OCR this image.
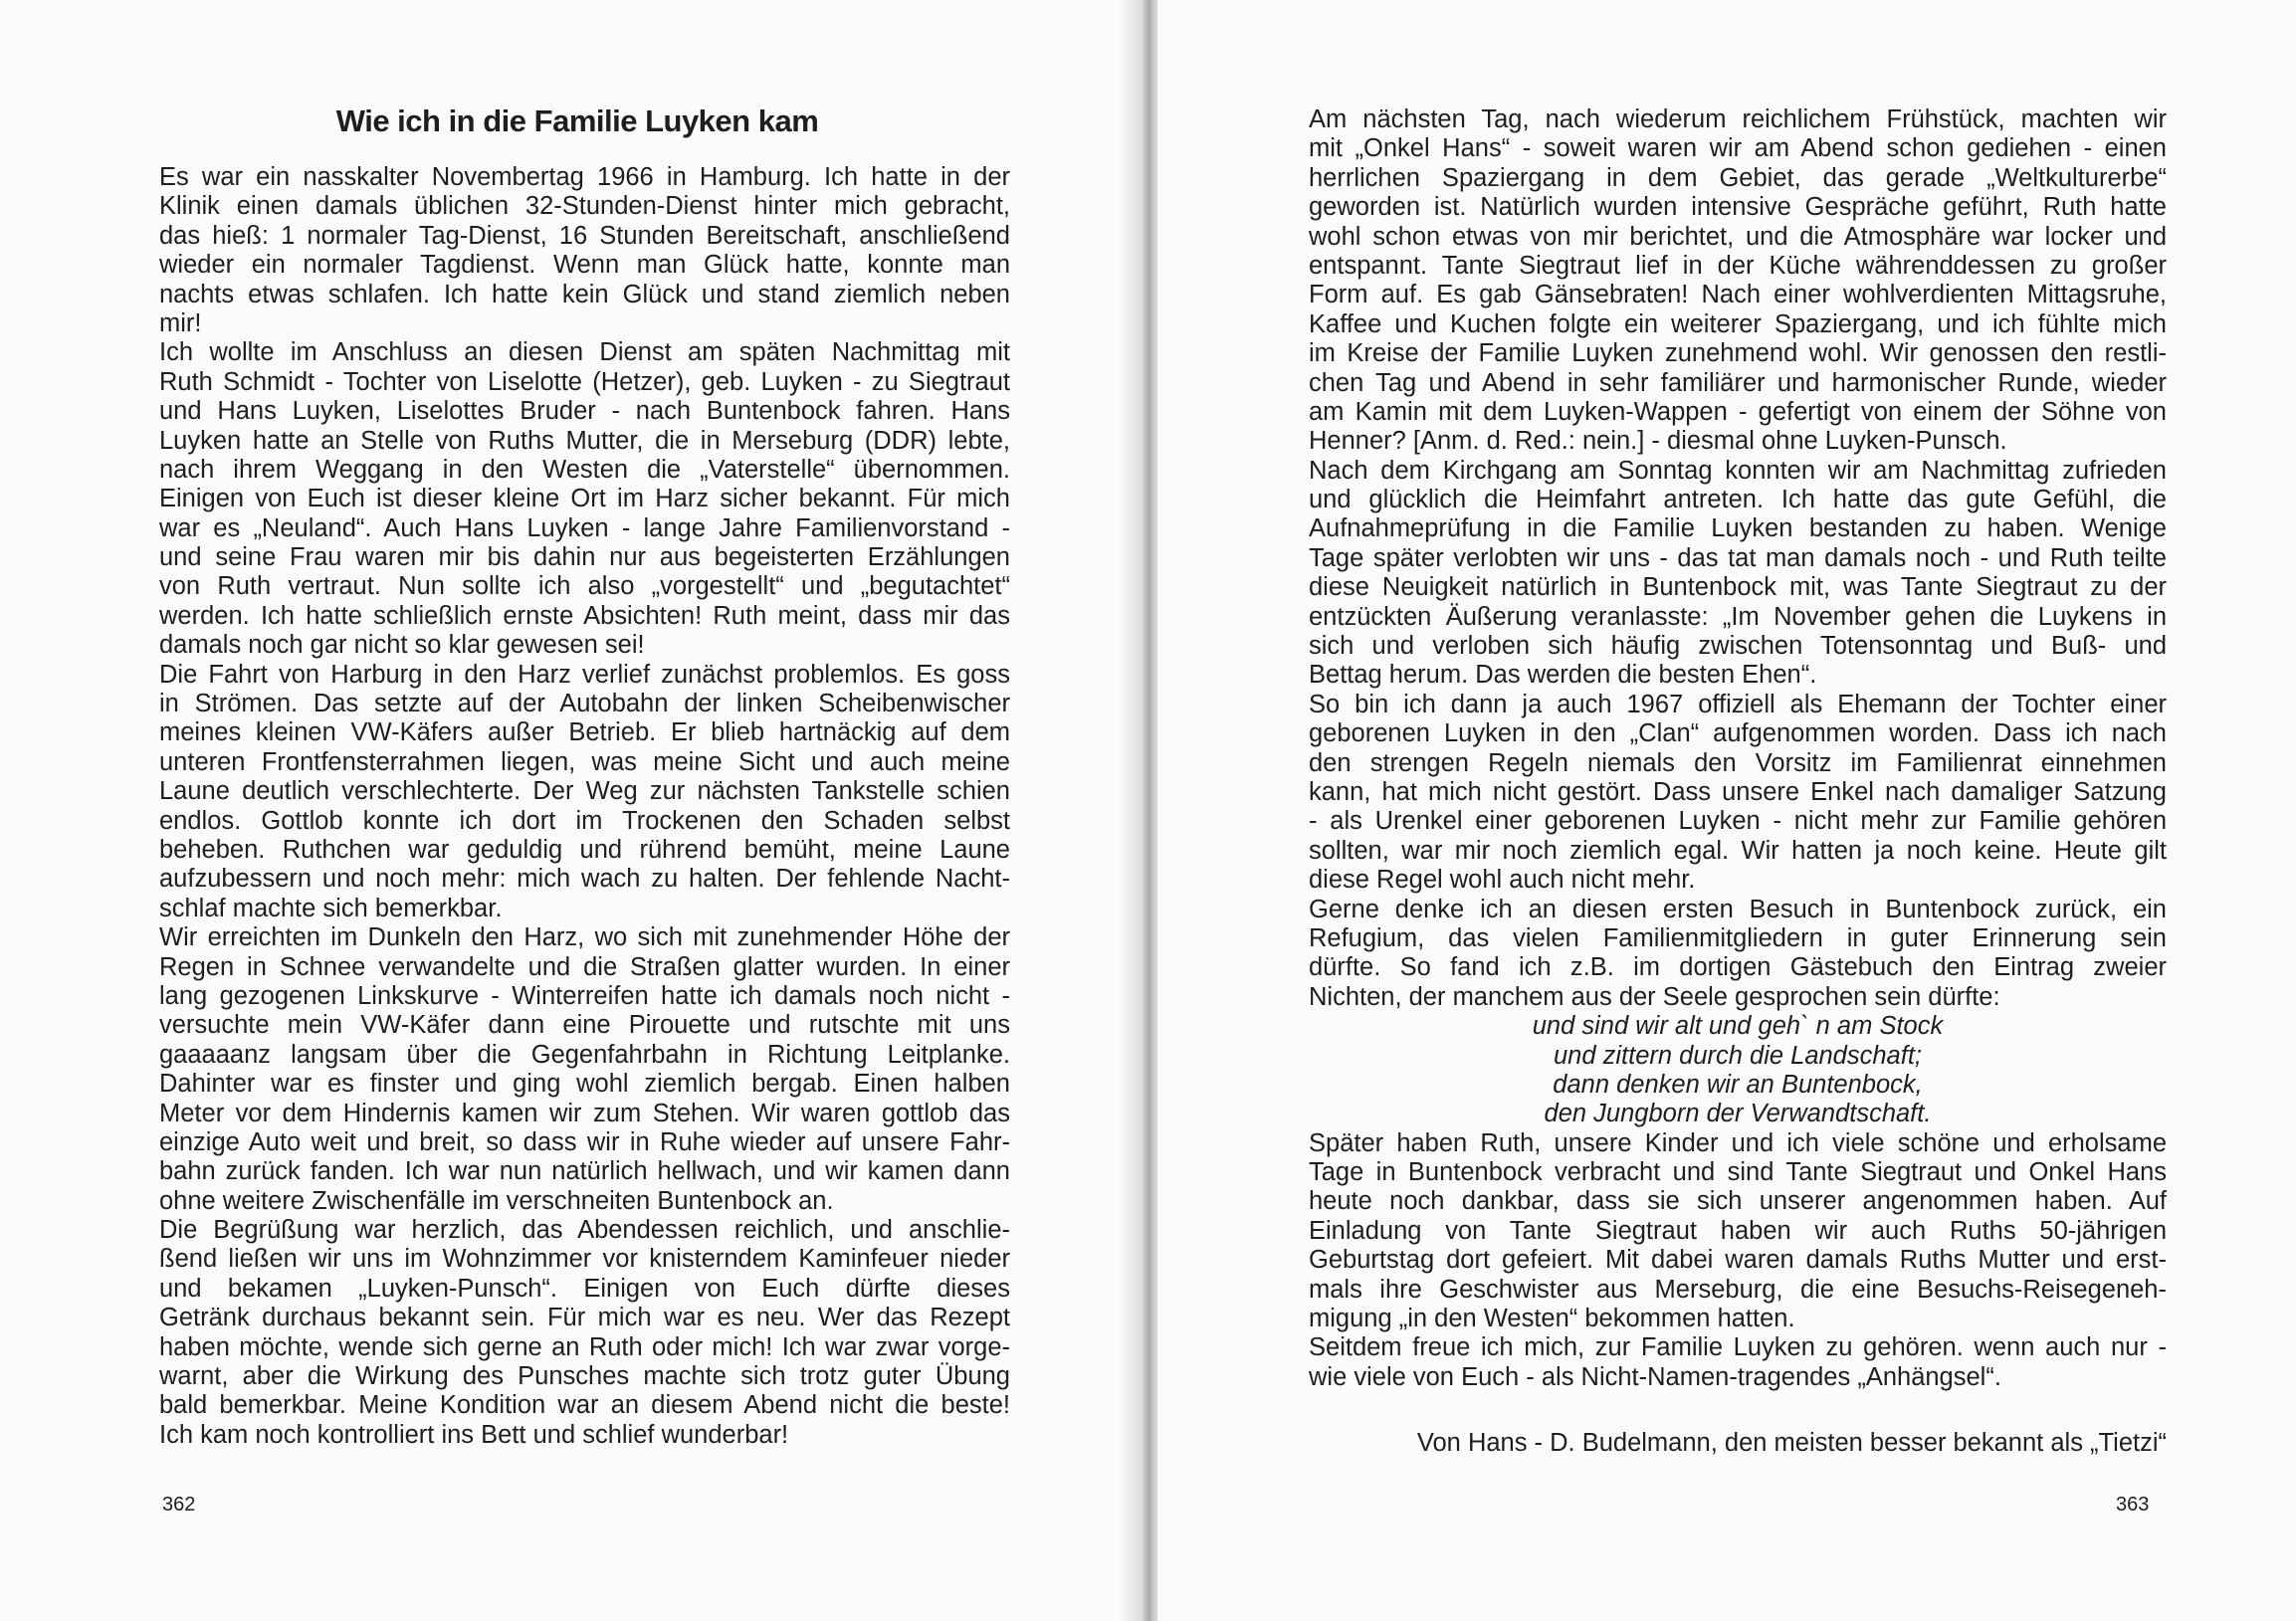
Wie ich in die Familie Luyken kam
Es war ein nasskalter Novembertag 1966 in Hamburg. Ich hatte in der
Klinik einen damals üblichen 32-Stunden-Dienst hinter mich gebracht,
das hieß: 1 normaler Tag-Dienst, 16 Stunden Bereitschaft, anschließend
wieder ein normaler Tagdienst. Wenn man Glück hatte, konnte man
nachts etwas schlafen. Ich hatte kein Glück und stand ziemlich neben
mir!
Ich wollte im Anschluss an diesen Dienst am späten Nachmittag mit
Ruth Schmidt - Tochter von Liselotte (Hetzer), geb. Luyken - zu Siegtraut
und Hans Luyken, Liselottes Bruder - nach Buntenbock fahren. Hans
Luyken hatte an Stelle von Ruths Mutter, die in Merseburg (DDR) lebte,
nach ihrem Weggang in den Westen die „Vaterstelle“ übernommen.
Einigen von Euch ist dieser kleine Ort im Harz sicher bekannt. Für mich
war es „Neuland“. Auch Hans Luyken - lange Jahre Familienvorstand -
und seine Frau waren mir bis dahin nur aus begeisterten Erzählungen
von Ruth vertraut. Nun sollte ich also „vorgestellt“ und „begutachtet“
werden. Ich hatte schließlich ernste Absichten! Ruth meint, dass mir das
damals noch gar nicht so klar gewesen sei!
Die Fahrt von Harburg in den Harz verlief zunächst problemlos. Es goss
in Strömen. Das setzte auf der Autobahn der linken Scheibenwischer
meines kleinen VW-Käfers außer Betrieb. Er blieb hartnäckig auf dem
unteren Frontfensterrahmen liegen, was meine Sicht und auch meine
Laune deutlich verschlechterte. Der Weg zur nächsten Tankstelle schien
endlos. Gottlob konnte ich dort im Trockenen den Schaden selbst
beheben. Ruthchen war geduldig und rührend bemüht, meine Laune
aufzubessern und noch mehr: mich wach zu halten. Der fehlende Nacht-
schlaf machte sich bemerkbar.
Wir erreichten im Dunkeln den Harz, wo sich mit zunehmender Höhe der
Regen in Schnee verwandelte und die Straßen glatter wurden. In einer
lang gezogenen Linkskurve - Winterreifen hatte ich damals noch nicht -
versuchte mein VW-Käfer dann eine Pirouette und rutschte mit uns
gaaaaanz langsam über die Gegenfahrbahn in Richtung Leitplanke.
Dahinter war es finster und ging wohl ziemlich bergab. Einen halben
Meter vor dem Hindernis kamen wir zum Stehen. Wir waren gottlob das
einzige Auto weit und breit, so dass wir in Ruhe wieder auf unsere Fahr-
bahn zurück fanden. Ich war nun natürlich hellwach, und wir kamen dann
ohne weitere Zwischenfälle im verschneiten Buntenbock an.
Die Begrüßung war herzlich, das Abendessen reichlich, und anschlie-
ßend ließen wir uns im Wohnzimmer vor knisterndem Kaminfeuer nieder
und bekamen „Luyken-Punsch“. Einigen von Euch dürfte dieses
Getränk durchaus bekannt sein. Für mich war es neu. Wer das Rezept
haben möchte, wende sich gerne an Ruth oder mich! Ich war zwar vorge-
warnt, aber die Wirkung des Punsches machte sich trotz guter Übung
bald bemerkbar. Meine Kondition war an diesem Abend nicht die beste!
Ich kam noch kontrolliert ins Bett und schlief wunderbar!
362
Am nächsten Tag, nach wiederum reichlichem Frühstück, machten wir
mit „Onkel Hans“ - soweit waren wir am Abend schon gediehen - einen
herrlichen Spaziergang in dem Gebiet, das gerade „Weltkulturerbe“
geworden ist. Natürlich wurden intensive Gespräche geführt, Ruth hatte
wohl schon etwas von mir berichtet, und die Atmosphäre war locker und
entspannt. Tante Siegtraut lief in der Küche währenddessen zu großer
Form auf. Es gab Gänsebraten! Nach einer wohlverdienten Mittagsruhe,
Kaffee und Kuchen folgte ein weiterer Spaziergang, und ich fühlte mich
im Kreise der Familie Luyken zunehmend wohl. Wir genossen den restli-
chen Tag und Abend in sehr familiärer und harmonischer Runde, wieder
am Kamin mit dem Luyken-Wappen - gefertigt von einem der Söhne von
Henner? [Anm. d. Red.: nein.] - diesmal ohne Luyken-Punsch.
Nach dem Kirchgang am Sonntag konnten wir am Nachmittag zufrieden
und glücklich die Heimfahrt antreten. Ich hatte das gute Gefühl, die
Aufnahmeprüfung in die Familie Luyken bestanden zu haben. Wenige
Tage später verlobten wir uns - das tat man damals noch - und Ruth teilte
diese Neuigkeit natürlich in Buntenbock mit, was Tante Siegtraut zu der
entzückten Äußerung veranlasste: „Im November gehen die Luykens in
sich und verloben sich häufig zwischen Totensonntag und Buß- und
Bettag herum. Das werden die besten Ehen“.
So bin ich dann ja auch 1967 offiziell als Ehemann der Tochter einer
geborenen Luyken in den „Clan“ aufgenommen worden. Dass ich nach
den strengen Regeln niemals den Vorsitz im Familienrat einnehmen
kann, hat mich nicht gestört. Dass unsere Enkel nach damaliger Satzung
- als Urenkel einer geborenen Luyken - nicht mehr zur Familie gehören
sollten, war mir noch ziemlich egal. Wir hatten ja noch keine. Heute gilt
diese Regel wohl auch nicht mehr.
Gerne denke ich an diesen ersten Besuch in Buntenbock zurück, ein
Refugium, das vielen Familienmitgliedern in guter Erinnerung sein
dürfte. So fand ich z.B. im dortigen Gästebuch den Eintrag zweier
Nichten, der manchem aus der Seele gesprochen sein dürfte:
und sind wir alt und geh` n am Stock
und zittern durch die Landschaft;
dann denken wir an Buntenbock,
den Jungborn der Verwandtschaft.
Später haben Ruth, unsere Kinder und ich viele schöne und erholsame
Tage in Buntenbock verbracht und sind Tante Siegtraut und Onkel Hans
heute noch dankbar, dass sie sich unserer angenommen haben. Auf
Einladung von Tante Siegtraut haben wir auch Ruths 50-jährigen
Geburtstag dort gefeiert. Mit dabei waren damals Ruths Mutter und erst-
mals ihre Geschwister aus Merseburg, die eine Besuchs-Reisegeneh-
migung „in den Westen“ bekommen hatten.
Seitdem freue ich mich, zur Familie Luyken zu gehören. wenn auch nur -
wie viele von Euch - als Nicht-Namen-tragendes „Anhängsel“.
Von Hans - D. Budelmann, den meisten besser bekannt als „Tietzi“
363
